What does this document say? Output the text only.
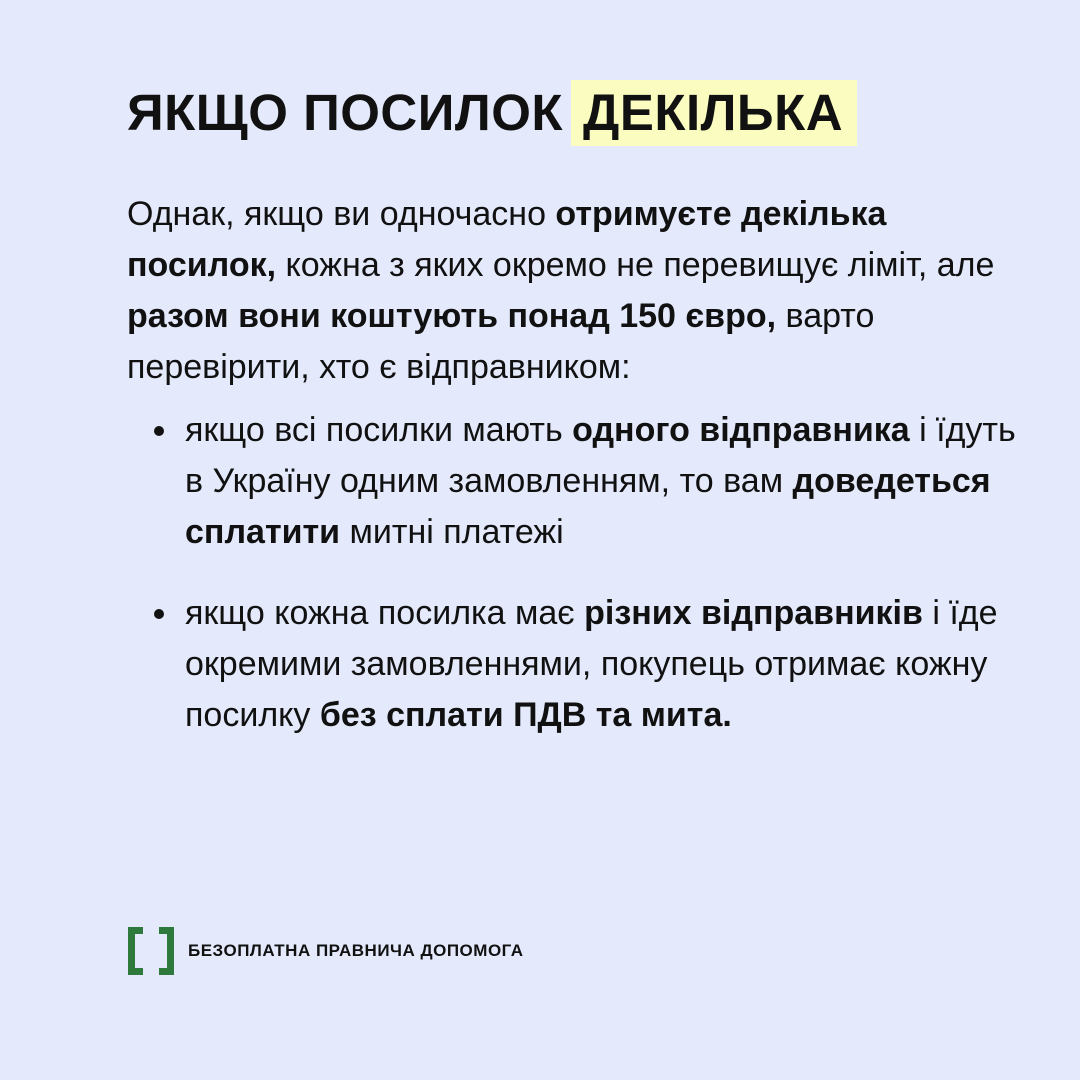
ЯКЩО ПОСИЛОК ДЕКІЛЬКА

Однак, якщо ви одночасно отримуєте декілька посилок, кожна з яких окремо не перевищує ліміт, але разом вони коштують понад 150 євро, варто перевірити, хто є відправником:

якщо всі посилки мають одного відправника і їдуть в Україну одним замовленням, то вам доведеться сплатити митні платежі
якщо кожна посилка має різних відправників і їде окремими замовленнями, покупець отримає кожну посилку без сплати ПДВ та мита.
БЕЗОПЛАТНА ПРАВНИЧА ДОПОМОГА
